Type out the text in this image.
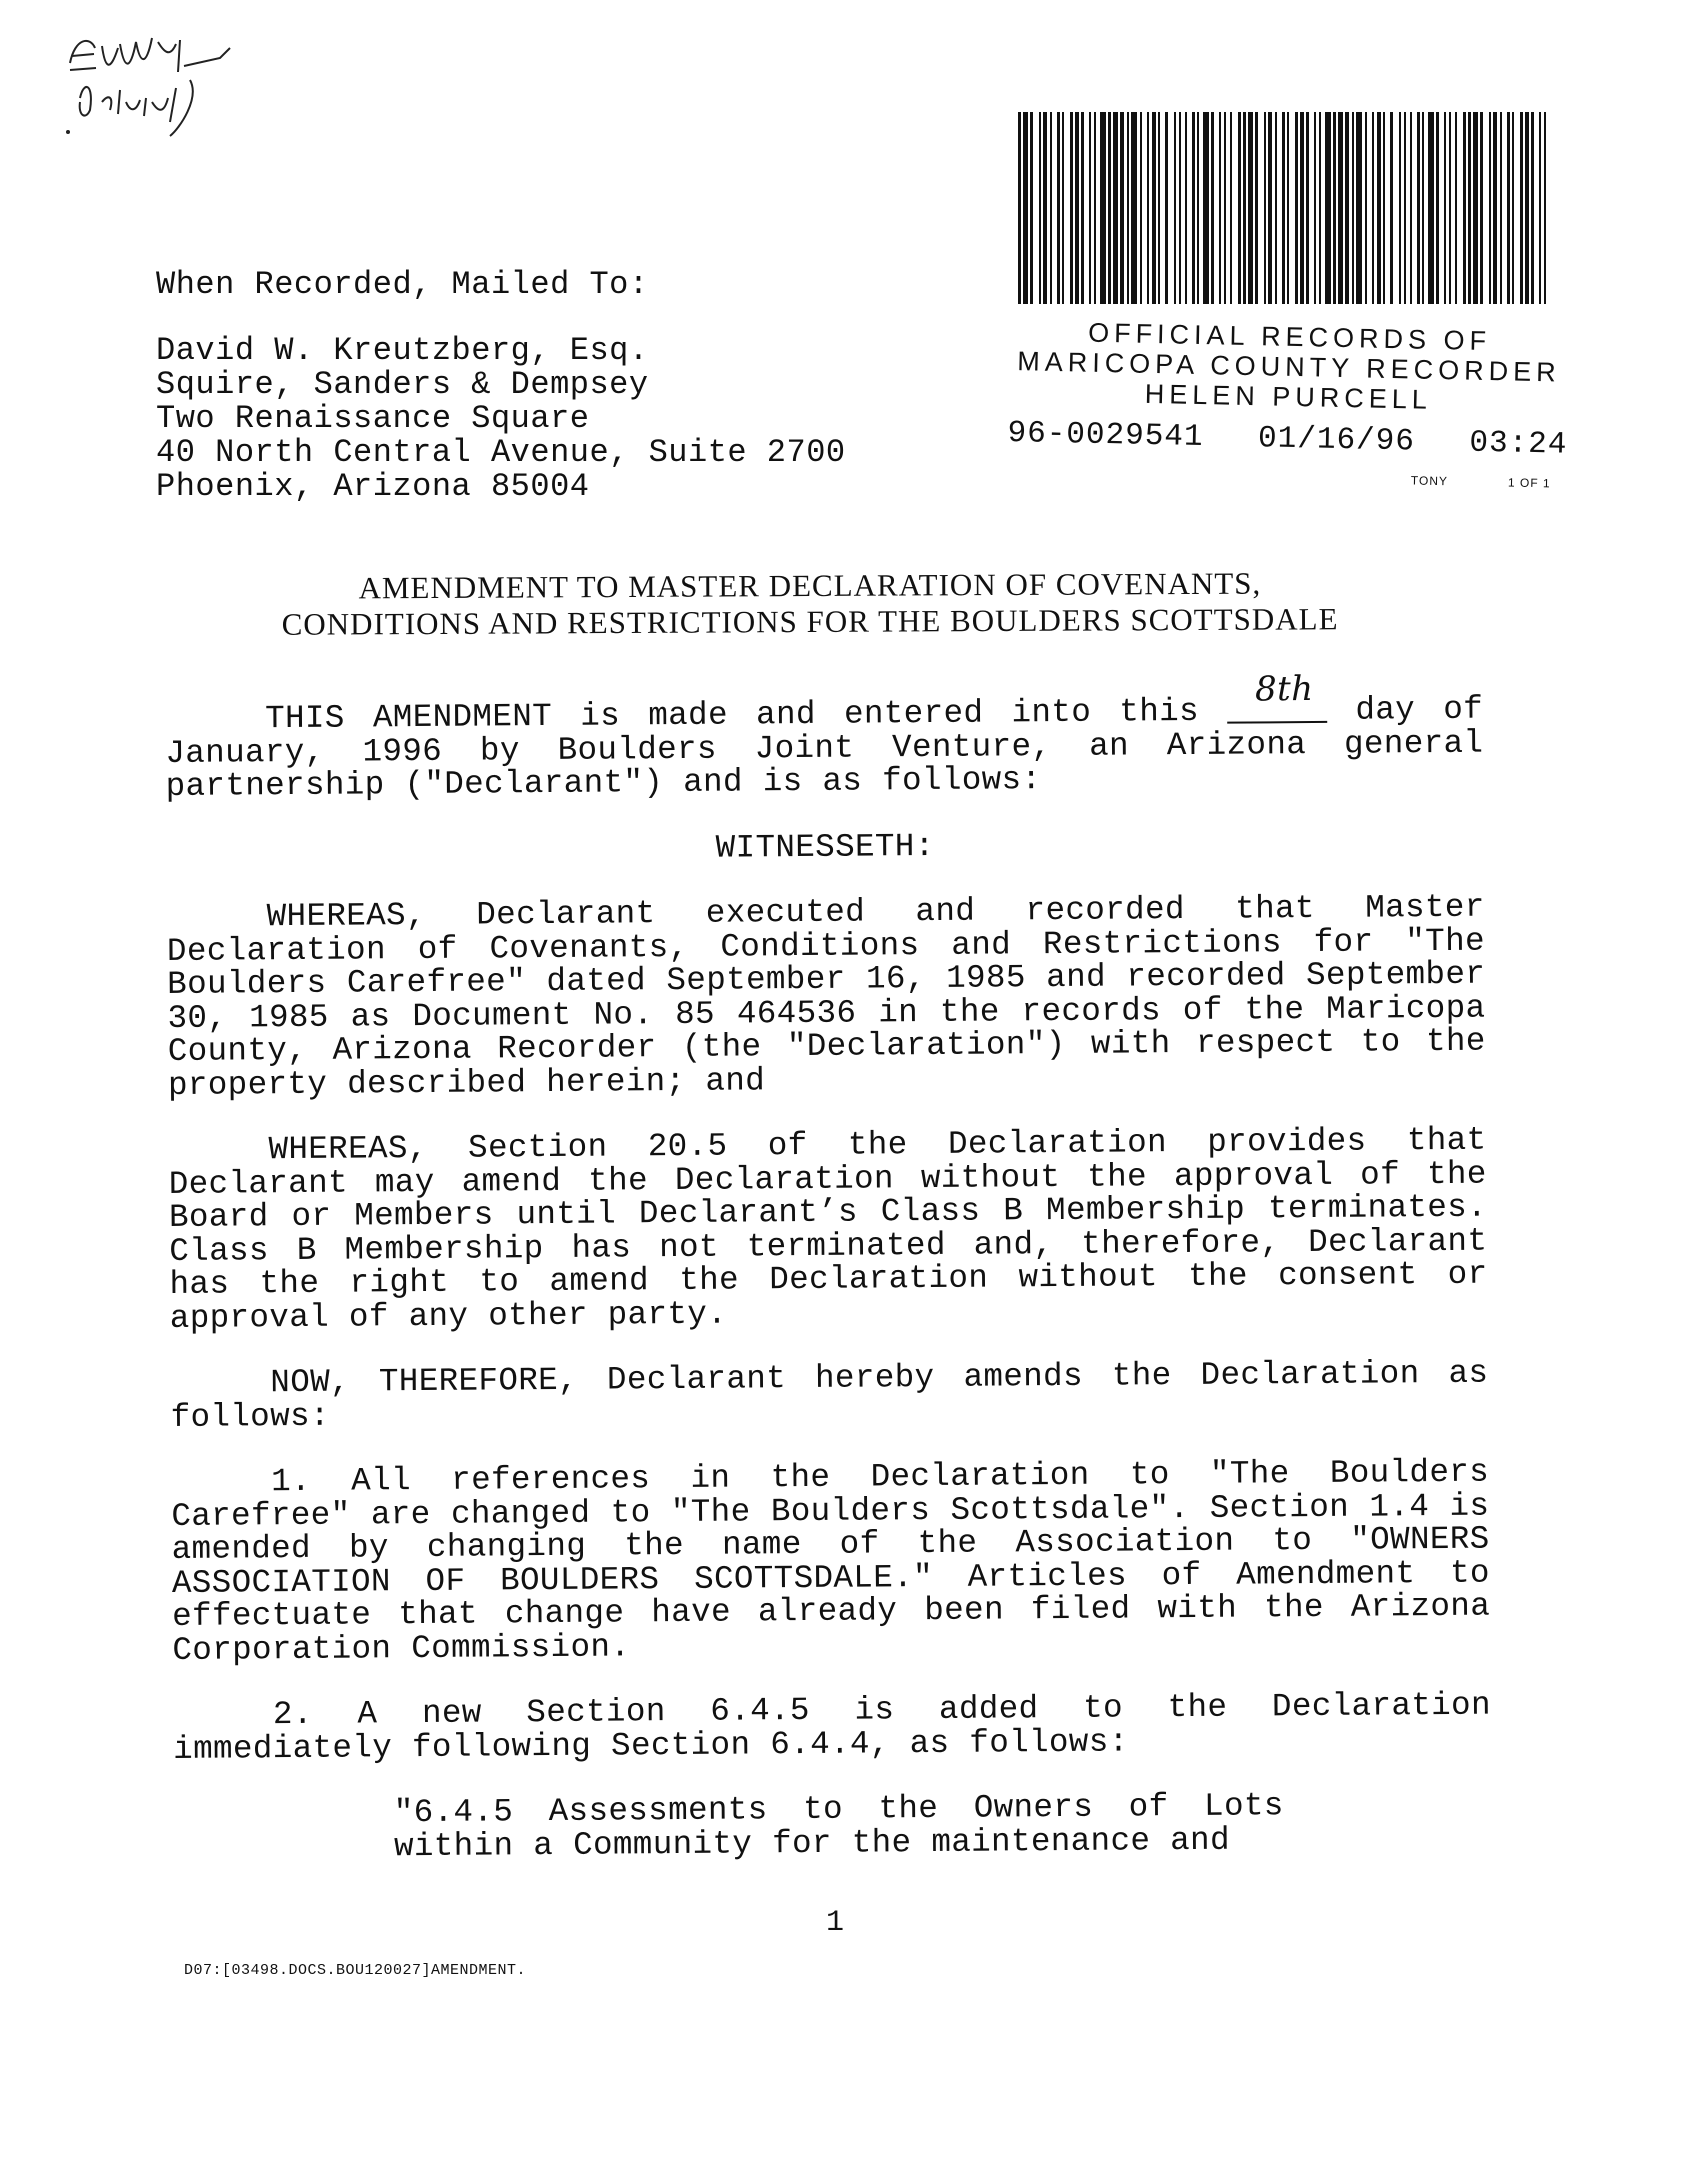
When Recorded, Mailed To:
David W. Kreutzberg, Esq.
Squire, Sanders & Dempsey
Two Renaissance Square
40 North Central Avenue, Suite 2700
Phoenix, Arizona 85004
OFFICIAL RECORDS OF
MARICOPA COUNTY RECORDER
HELEN PURCELL
96-0029541 01/16/96 03:24
TONY	1 OF 1
AMENDMENT TO MASTER DECLARATION OF COVENANTS,
CONDITIONS AND RESTRICTIONS FOR THE BOULDERS SCOTTSDALE

THIS AMENDMENT is made and entered into this
8th
day of January, 1996 by Boulders Joint Venture, an Arizona general partnership ("Declarant") and is as follows:

WITNESSETH:

WHEREAS, Declarant executed and recorded that Master Declaration of Covenants, Conditions and Restrictions for "The Boulders Carefree" dated September 16, 1985 and recorded September 30, 1985 as Document No. 85 464536 in the records of the Maricopa County, Arizona Recorder (the "Declaration") with respect to the property described herein; and

WHEREAS, Section 20.5 of the Declaration provides that Declarant may amend the Declaration without the approval of the Board or Members until Declarant’s Class B Membership terminates. Class B Membership has not terminated and, therefore, Declarant has the right to amend the Declaration without the consent or approval of any other party.

NOW, THEREFORE, Declarant hereby amends the Declaration as follows:

1. All references in the Declaration to "The Boulders Carefree" are changed to "The Boulders Scottsdale". Section 1.4 is amended by changing the name of the Association to "OWNERS ASSOCIATION OF BOULDERS SCOTTSDALE." Articles of Amendment to effectuate that change have already been filed with the Arizona Corporation Commission.

2. A new Section 6.4.5 is added to the Declaration immediately following Section 6.4.4, as follows:

"6.4.5 Assessments to the Owners of Lots within a Community for the maintenance and

1
D07:[03498.DOCS.BOU120027]AMENDMENT.
